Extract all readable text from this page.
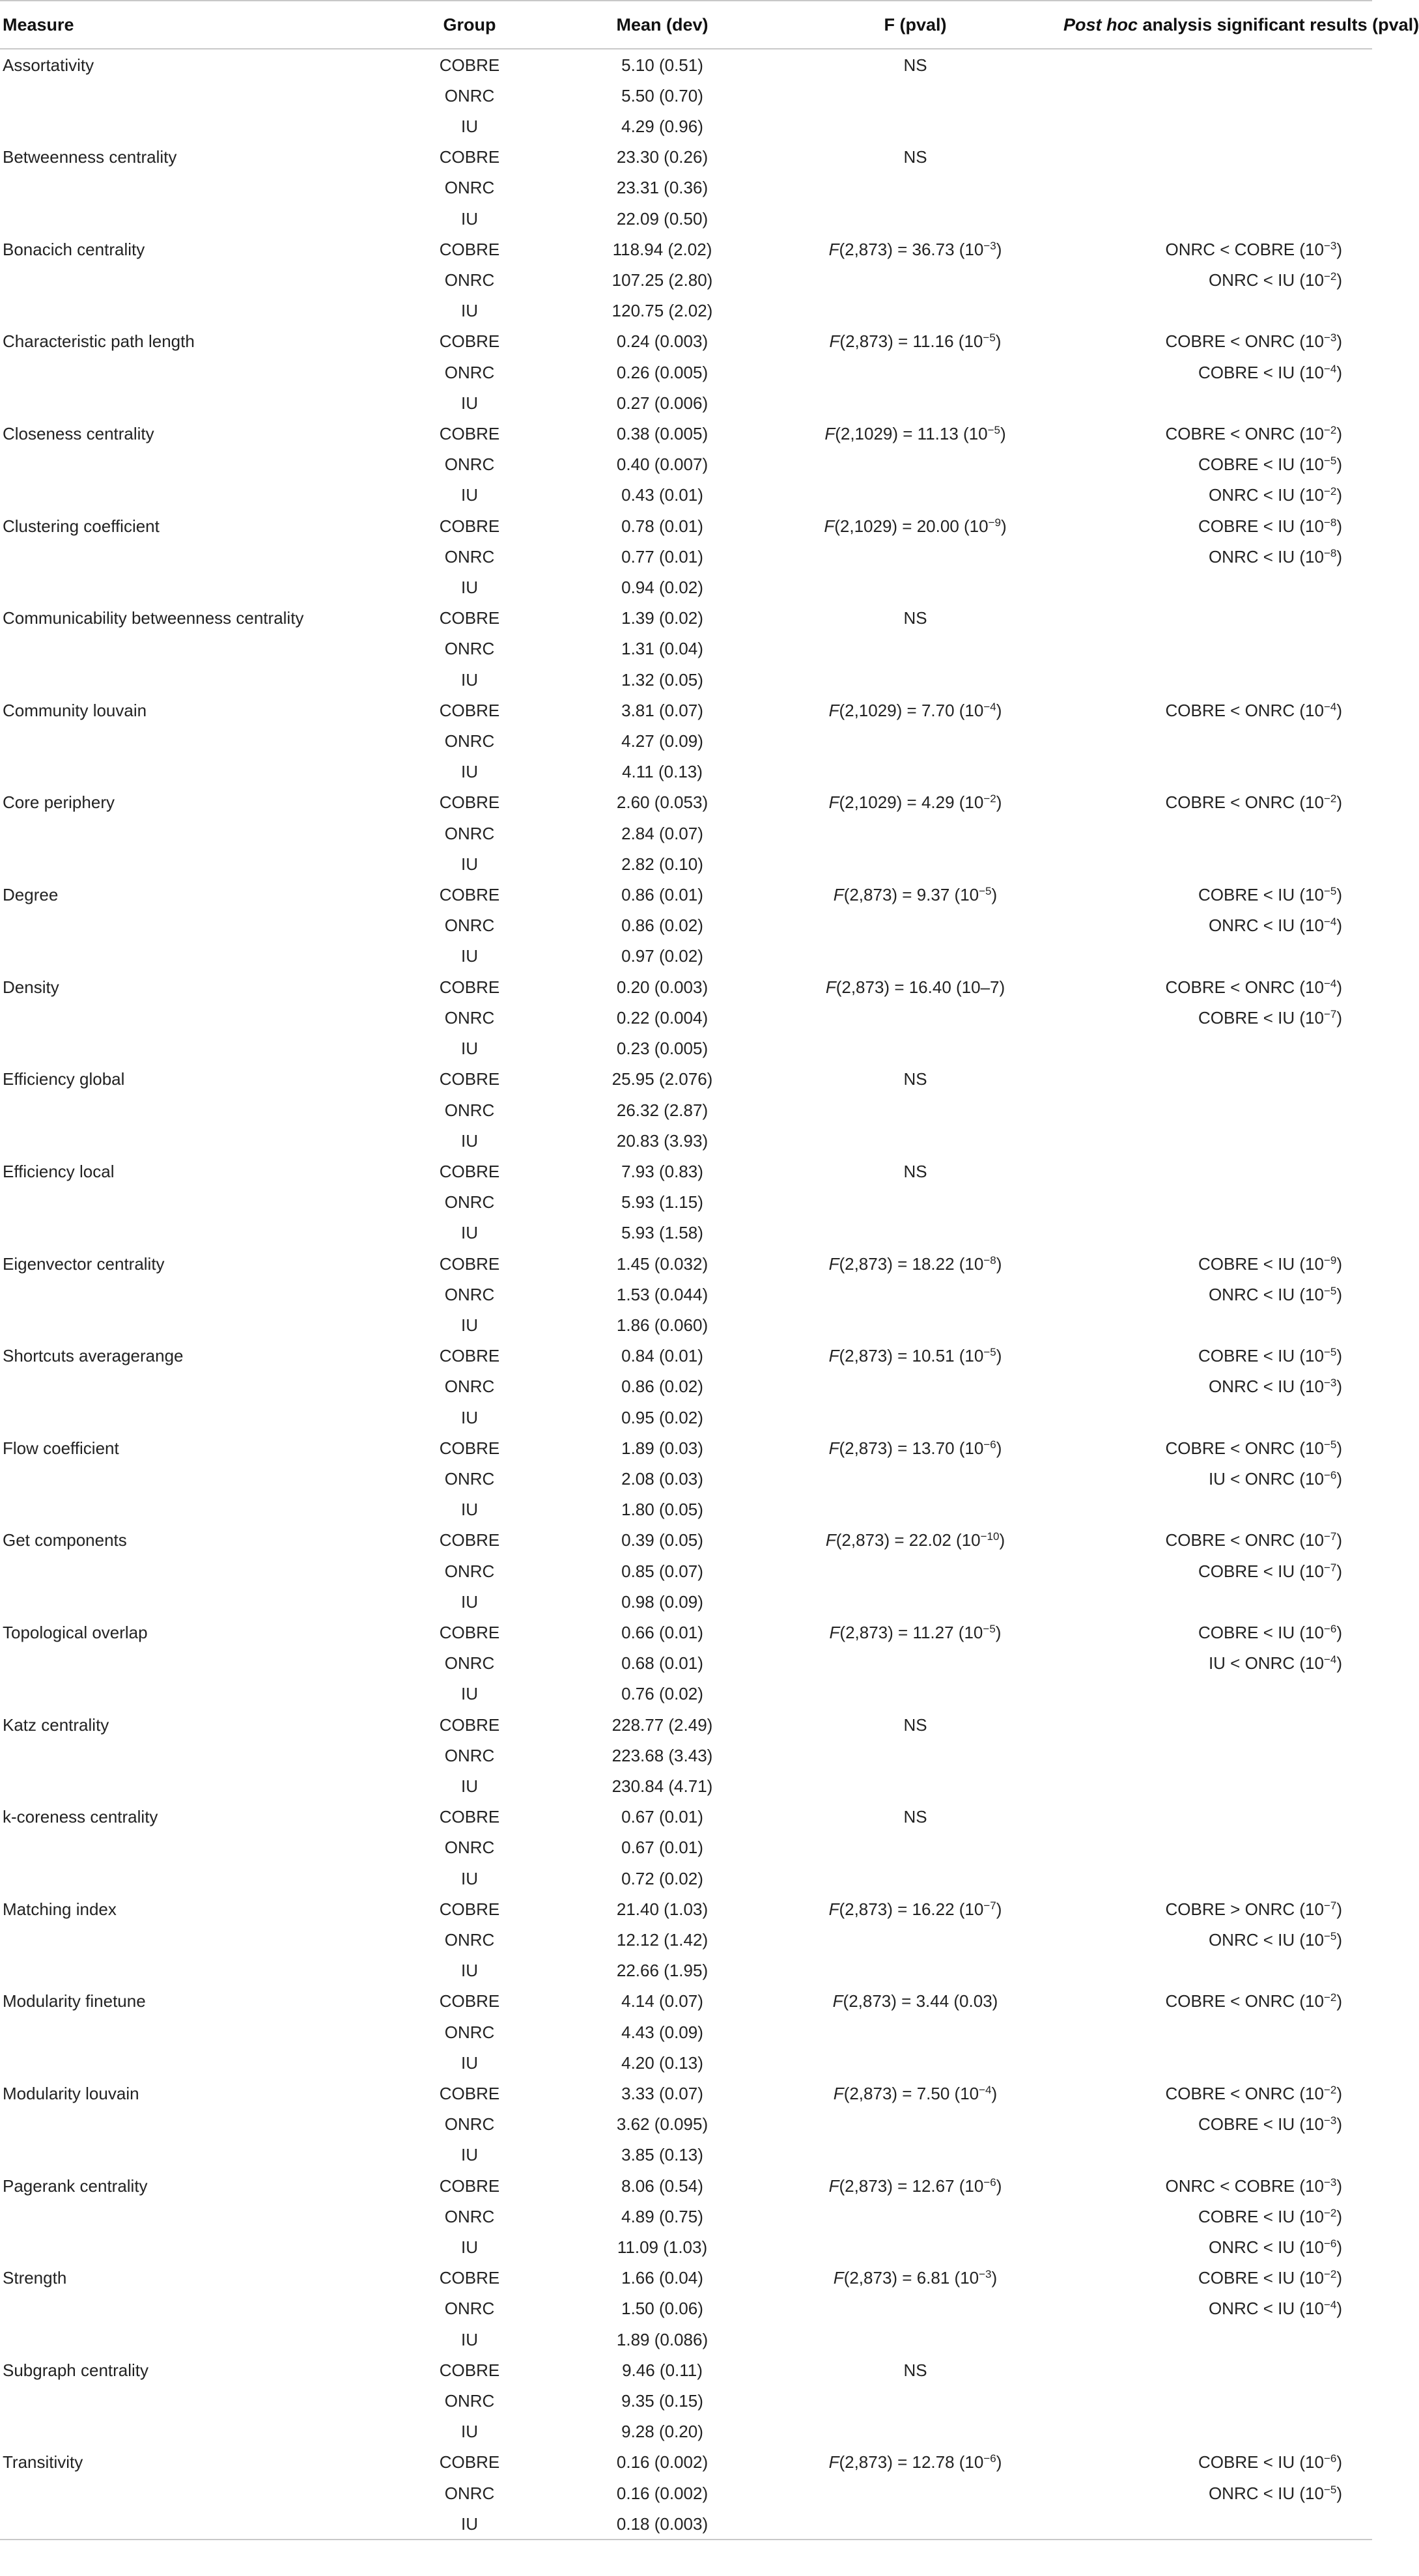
Measure	Group	Mean (dev)	F (pval)	Post hoc analysis significant results (pval)
Assortativity	COBRE	5.10 (0.51)	NS	
	ONRC	5.50 (0.70)		
	IU	4.29 (0.96)		
Betweenness centrality	COBRE	23.30 (0.26)	NS	
	ONRC	23.31 (0.36)		
	IU	22.09 (0.50)		
Bonacich centrality	COBRE	118.94 (2.02)	F(2,873) = 36.73 $(10^{-3})$	ONRC < COBRE $(10^{-3})$
	ONRC	107.25 (2.80)		ONRC < IU $(10^{-2})$
	IU	120.75 (2.02)		
Characteristic path length	COBRE	0.24 (0.003)	F(2,873) = 11.16 $(10^{-5})$	COBRE < ONRC $(10^{-3})$
	ONRC	0.26 (0.005)		COBRE < IU $(10^{-4})$
	IU	0.27 (0.006)		
Closeness centrality	COBRE	0.38 (0.005)	F(2,1029) = 11.13 $(10^{-5})$	COBRE < ONRC $(10^{-2})$
	ONRC	0.40 (0.007)		COBRE < IU $(10^{-5})$
	IU	0.43 (0.01)		ONRC < IU $(10^{-2})$
Clustering coefficient	COBRE	0.78 (0.01)	F(2,1029) = 20.00 $(10^{-9})$	COBRE < IU $(10^{-8})$
	ONRC	0.77 (0.01)		ONRC < IU $(10^{-8})$
	IU	0.94 (0.02)		
Communicability betweenness centrality	COBRE	1.39 (0.02)	NS	
	ONRC	1.31 (0.04)		
	IU	1.32 (0.05)		
Community louvain	COBRE	3.81 (0.07)	F(2,1029) = 7.70 $(10^{-4})$	COBRE < ONRC $(10^{-4})$
	ONRC	4.27 (0.09)		
	IU	4.11 (0.13)		
Core periphery	COBRE	2.60 (0.053)	F(2,1029) = 4.29 $(10^{-2})$	COBRE < ONRC $(10^{-2})$
	ONRC	2.84 (0.07)		
	IU	2.82 (0.10)		
Degree	COBRE	0.86 (0.01)	F(2,873) = 9.37 $(10^{-5})$	COBRE < IU $(10^{-5})$
	ONRC	0.86 (0.02)		ONRC < IU $(10^{-4})$
	IU	0.97 (0.02)		
Density	COBRE	0.20 (0.003)	F(2,873) = 16.40 (10–7)	COBRE < ONRC $(10^{-4})$
	ONRC	0.22 (0.004)		COBRE < IU $(10^{-7})$
	IU	0.23 (0.005)		
Efficiency global	COBRE	25.95 (2.076)	NS	
	ONRC	26.32 (2.87)		
	IU	20.83 (3.93)		
Efficiency local	COBRE	7.93 (0.83)	NS	
	ONRC	5.93 (1.15)		
	IU	5.93 (1.58)		
Eigenvector centrality	COBRE	1.45 (0.032)	F(2,873) = 18.22 $(10^{-8})$	COBRE < IU $(10^{-9})$
	ONRC	1.53 (0.044)		ONRC < IU $(10^{-5})$
	IU	1.86 (0.060)		
Shortcuts averagerange	COBRE	0.84 (0.01)	F(2,873) = 10.51 $(10^{-5})$	COBRE < IU $(10^{-5})$
	ONRC	0.86 (0.02)		ONRC < IU $(10^{-3})$
	IU	0.95 (0.02)		
Flow coefficient	COBRE	1.89 (0.03)	F(2,873) = 13.70 $(10^{-6})$	COBRE < ONRC $(10^{-5})$
	ONRC	2.08 (0.03)		IU < ONRC $(10^{-6})$
	IU	1.80 (0.05)		
Get components	COBRE	0.39 (0.05)	F(2,873) = 22.02 $(10^{-10})$	COBRE < ONRC $(10^{-7})$
	ONRC	0.85 (0.07)		COBRE < IU $(10^{-7})$
	IU	0.98 (0.09)		
Topological overlap	COBRE	0.66 (0.01)	F(2,873) = 11.27 $(10^{-5})$	COBRE < IU $(10^{-6})$
	ONRC	0.68 (0.01)		IU < ONRC $(10^{-4})$
	IU	0.76 (0.02)		
Katz centrality	COBRE	228.77 (2.49)	NS	
	ONRC	223.68 (3.43)		
	IU	230.84 (4.71)		
k-coreness centrality	COBRE	0.67 (0.01)	NS	
	ONRC	0.67 (0.01)		
	IU	0.72 (0.02)		
Matching index	COBRE	21.40 (1.03)	F(2,873) = 16.22 $(10^{-7})$	COBRE > ONRC $(10^{-7})$
	ONRC	12.12 (1.42)		ONRC < IU $(10^{-5})$
	IU	22.66 (1.95)		
Modularity finetune	COBRE	4.14 (0.07)	F(2,873) = 3.44 (0.03)	COBRE < ONRC $(10^{-2})$
	ONRC	4.43 (0.09)		
	IU	4.20 (0.13)		
Modularity louvain	COBRE	3.33 (0.07)	F(2,873) = 7.50 $(10^{-4})$	COBRE < ONRC $(10^{-2})$
	ONRC	3.62 (0.095)		COBRE < IU $(10^{-3})$
	IU	3.85 (0.13)		
Pagerank centrality	COBRE	8.06 (0.54)	F(2,873) = 12.67 $(10^{-6})$	ONRC < COBRE $(10^{-3})$
	ONRC	4.89 (0.75)		COBRE < IU $(10^{-2})$
	IU	11.09 (1.03)		ONRC < IU $(10^{-6})$
Strength	COBRE	1.66 (0.04)	F(2,873) = 6.81 $(10^{-3})$	COBRE < IU $(10^{-2})$
	ONRC	1.50 (0.06)		ONRC < IU $(10^{-4})$
	IU	1.89 (0.086)		
Subgraph centrality	COBRE	9.46 (0.11)	NS	
	ONRC	9.35 (0.15)		
	IU	9.28 (0.20)		
Transitivity	COBRE	0.16 (0.002)	F(2,873) = 12.78 $(10^{-6})$	COBRE < IU $(10^{-6})$
	ONRC	0.16 (0.002)		ONRC < IU $(10^{-5})$
	IU	0.18 (0.003)		
